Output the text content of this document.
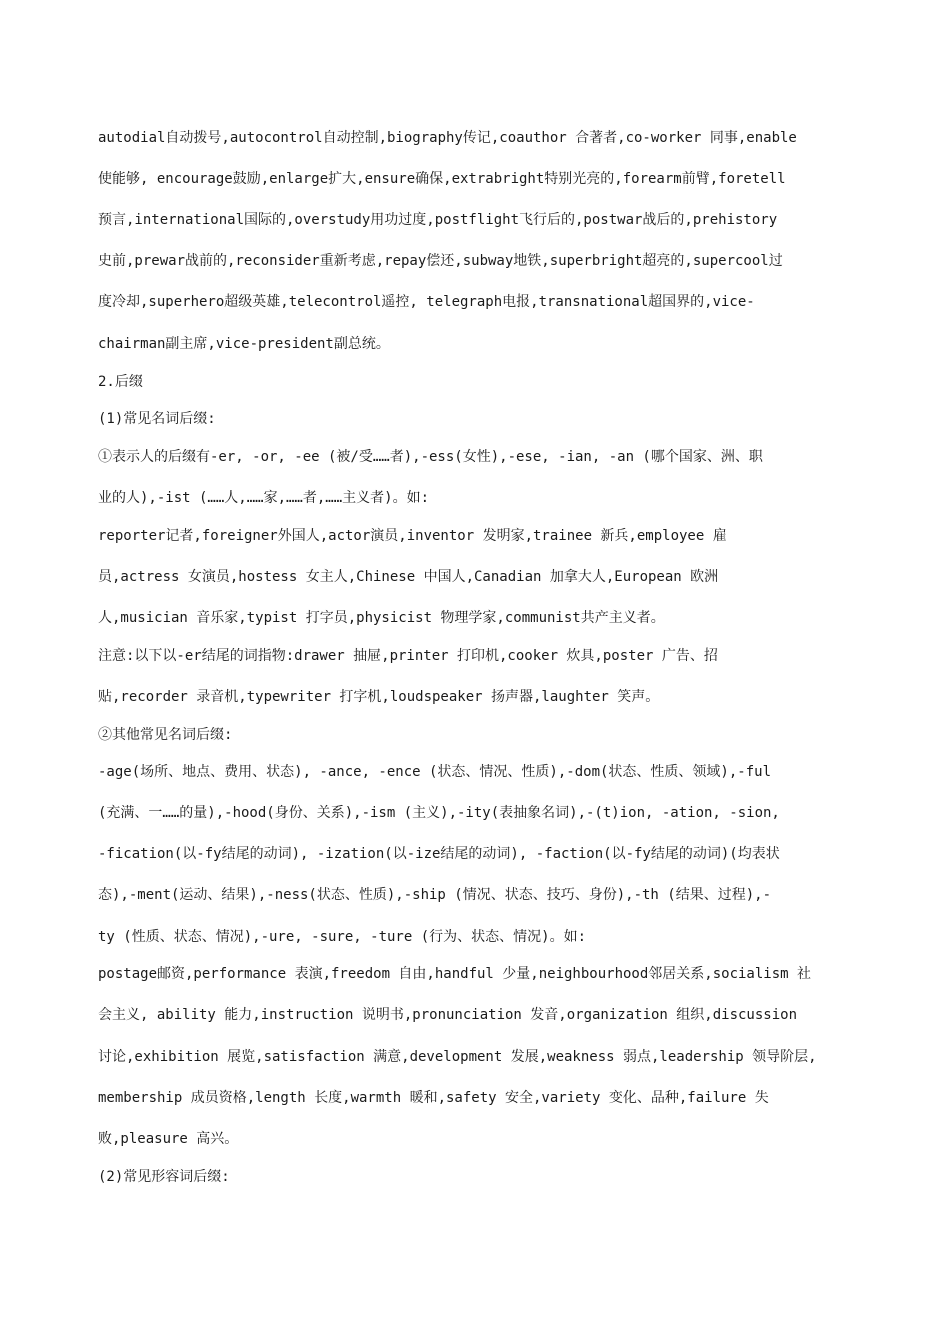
autodial自动拨号,autocontrol自动控制,biography传记,coauthor 合著者,co-worker 同事,enable
使能够, encourage鼓励,enlarge扩大,ensure确保,extrabright特别光亮的,forearm前臂,foretell
预言,international国际的,overstudy用功过度,postflight飞行后的,postwar战后的,prehistory
史前,prewar战前的,reconsider重新考虑,repay偿还,subway地铁,superbright超亮的,supercool过
度冷却,superhero超级英雄,telecontrol遥控, telegraph电报,transnational超国界的,vice-
chairman副主席,vice-president副总统。
2.后缀
(1)常见名词后缀:
①表示人的后缀有-er, -or, -ee (被/受……者),-ess(女性),-ese, -ian, -an (哪个国家、洲、职
业的人),-ist (……人,……家,……者,……主义者)。如:
reporter记者,foreigner外国人,actor演员,inventor 发明家,trainee 新兵,employee 雇
员,actress 女演员,hostess 女主人,Chinese 中国人,Canadian 加拿大人,European 欧洲
人,musician 音乐家,typist 打字员,physicist 物理学家,communist共产主义者。
注意:以下以-er结尾的词指物:drawer 抽屉,printer 打印机,cooker 炊具,poster 广告、招
贴,recorder 录音机,typewriter 打字机,loudspeaker 扬声器,laughter 笑声。
②其他常见名词后缀:
-age(场所、地点、费用、状态), -ance, -ence (状态、情况、性质),-dom(状态、性质、领域),-ful
(充满、一……的量),-hood(身份、关系),-ism (主义),-ity(表抽象名词),-(t)ion, -ation, -sion,
-fication(以-fy结尾的动词), -ization(以-ize结尾的动词), -faction(以-fy结尾的动词)(均表状
态),-ment(运动、结果),-ness(状态、性质),-ship (情况、状态、技巧、身份),-th (结果、过程),-
ty (性质、状态、情况),-ure, -sure, -ture (行为、状态、情况)。如:
postage邮资,performance 表演,freedom 自由,handful 少量,neighbourhood邻居关系,socialism 社
会主义, ability 能力,instruction 说明书,pronunciation 发音,organization 组织,discussion
讨论,exhibition 展览,satisfaction 满意,development 发展,weakness 弱点,leadership 领导阶层,
membership 成员资格,length 长度,warmth 暖和,safety 安全,variety 变化、品种,failure 失
败,pleasure 高兴。
(2)常见形容词后缀:
